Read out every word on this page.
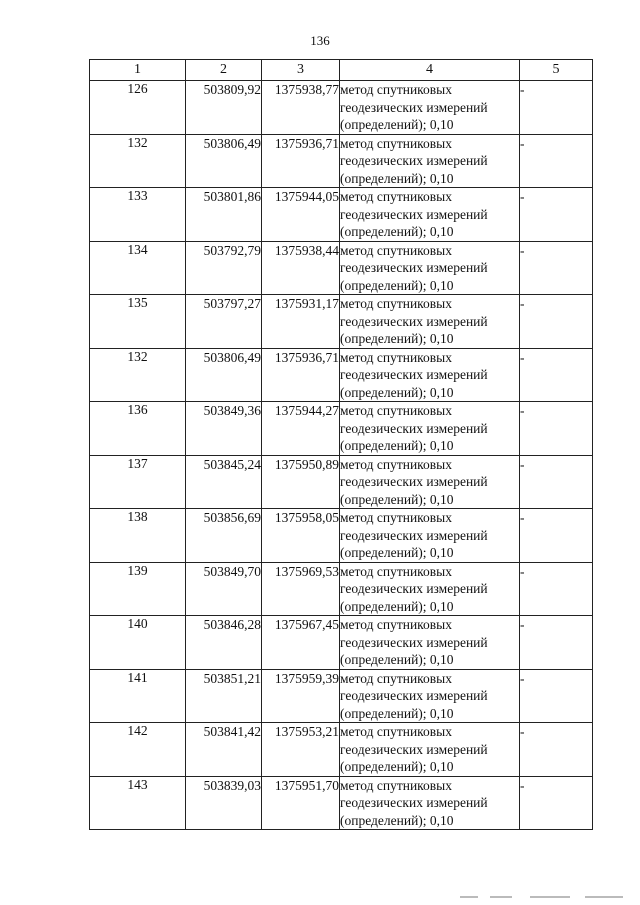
136
1	2	3	4	5
126	503809,92	1375938,77	метод спутниковых геодезических измерений (определений); 0,10	-
132	503806,49	1375936,71	метод спутниковых геодезических измерений (определений); 0,10	-
133	503801,86	1375944,05	метод спутниковых геодезических измерений (определений); 0,10	-
134	503792,79	1375938,44	метод спутниковых геодезических измерений (определений); 0,10	-
135	503797,27	1375931,17	метод спутниковых геодезических измерений (определений); 0,10	-
132	503806,49	1375936,71	метод спутниковых геодезических измерений (определений); 0,10	-
136	503849,36	1375944,27	метод спутниковых геодезических измерений (определений); 0,10	-
137	503845,24	1375950,89	метод спутниковых геодезических измерений (определений); 0,10	-
138	503856,69	1375958,05	метод спутниковых геодезических измерений (определений); 0,10	-
139	503849,70	1375969,53	метод спутниковых геодезических измерений (определений); 0,10	-
140	503846,28	1375967,45	метод спутниковых геодезических измерений (определений); 0,10	-
141	503851,21	1375959,39	метод спутниковых геодезических измерений (определений); 0,10	-
142	503841,42	1375953,21	метод спутниковых геодезических измерений (определений); 0,10	-
143	503839,03	1375951,70	метод спутниковых геодезических измерений (определений); 0,10	-
